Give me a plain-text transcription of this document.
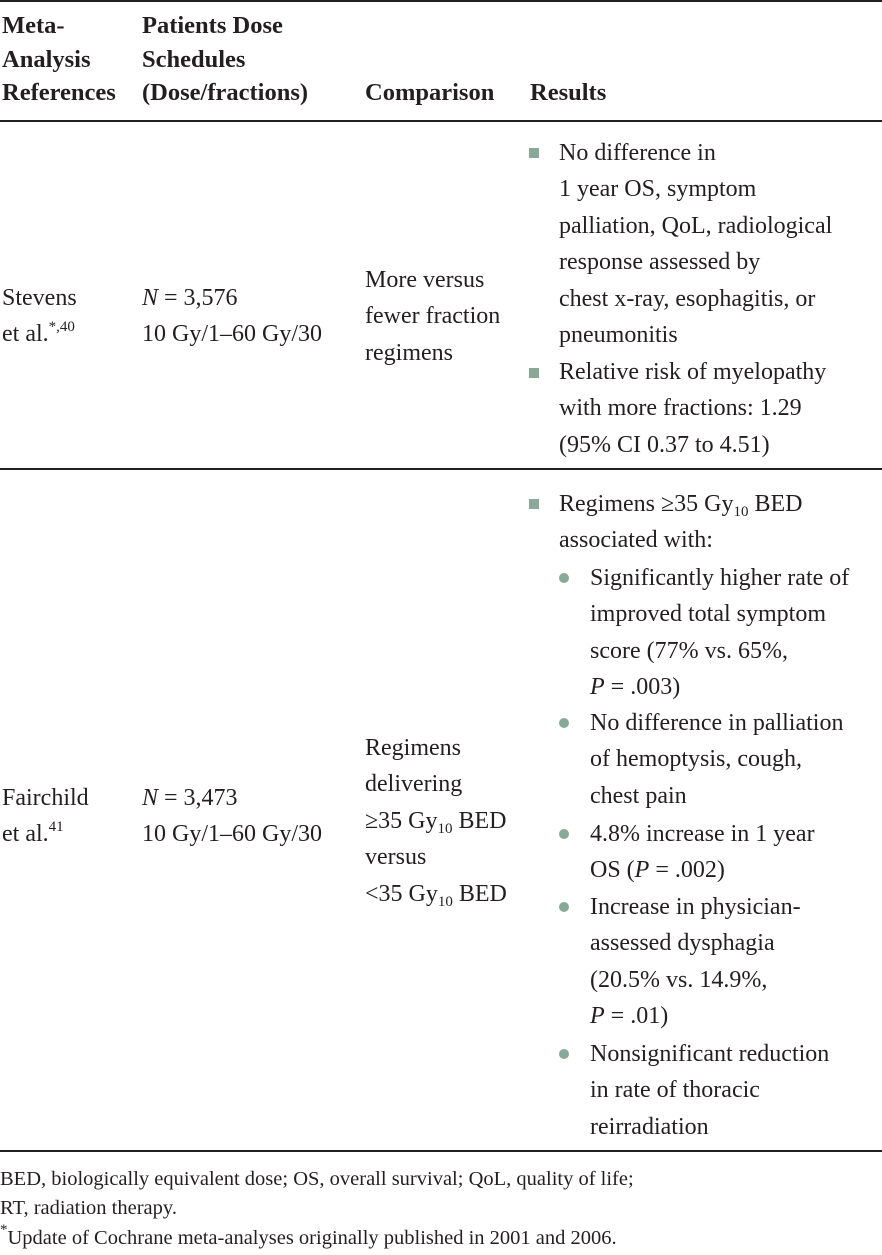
Meta-
Analysis
References
Patients Dose
Schedules
(Dose/fractions) Comparison Results
Stevens
et al.$^{*,40}$
N = 3,576
10 Gy/1–60 Gy/30
More versus
fewer fraction
regimens
No difference in
1 year OS, symptom
palliation, QoL, radiological
response assessed by
chest x-ray, esophagitis, or
pneumonitis
Relative risk of myelopathy
with more fractions: 1.29
(95% CI 0.37 to 4.51)
Fairchild
et al.$^{41}$
N = 3,473
10 Gy/1–60 Gy/30
Regimens
delivering
≥35 $Gy_{10}$ BED
versus
<35 $Gy_{10}$ BED
Regimens ≥35 $Gy_{10}$ BED
associated with:
Significantly higher rate of
improved total symptom
score (77% vs. 65%,
P = .003)
No difference in palliation
of hemoptysis, cough,
chest pain
4.8% increase in 1 year
OS (P = .002)
Increase in physician-
assessed dysphagia
(20.5% vs. 14.9%,
P = .01)
Nonsignificant reduction
in rate of thoracic
reirradiation
BED, biologically equivalent dose; OS, overall survival; QoL, quality of life;
RT, radiation therapy.
*Update of Cochrane meta-analyses originally published in 2001 and 2006.
